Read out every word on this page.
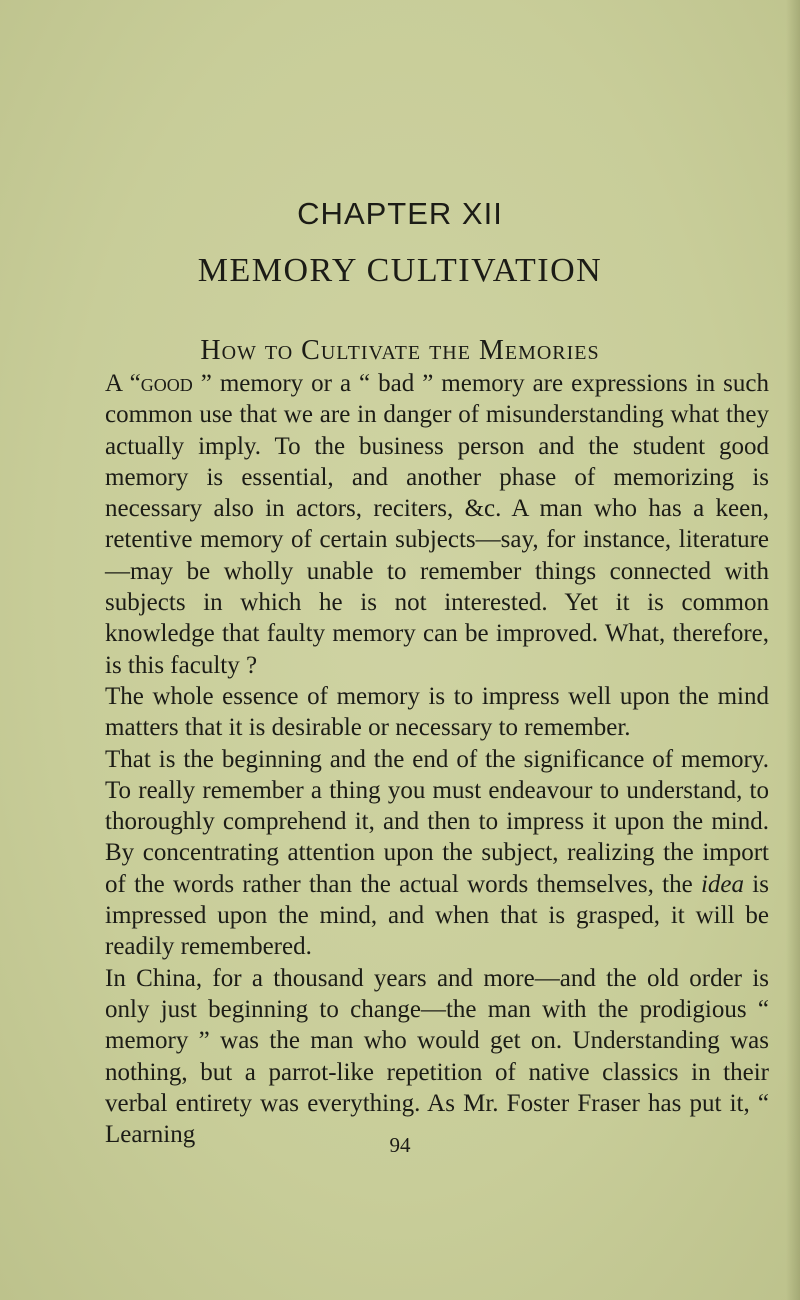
CHAPTER XII
MEMORY CULTIVATION
How to Cultivate the Memories

A “good ” memory or a “ bad ” memory are expressions in such common use that we are in danger of misunderstanding what they actually imply. To the business person and the student good memory is essential, and another phase of memorizing is necessary also in actors, reciters, &c. A man who has a keen, retentive memory of certain subjects—say, for instance, literature—may be wholly unable to remember things connected with subjects in which he is not interested. Yet it is common knowledge that faulty memory can be improved. What, therefore, is this faculty ?

The whole essence of memory is to impress well upon the mind matters that it is desirable or necessary to remember.

That is the beginning and the end of the significance of memory. To really remember a thing you must endeavour to understand, to thoroughly comprehend it, and then to impress it upon the mind. By concentrating attention upon the subject, realizing the import of the words rather than the actual words themselves, the idea is impressed upon the mind, and when that is grasped, it will be readily remembered.

In China, for a thousand years and more—and the old order is only just beginning to change—the man with the prodigious “ memory ” was the man who would get on. Understanding was nothing, but a parrot-like repetition of native classics in their verbal entirety was everything. As Mr. Foster Fraser has put it, “ Learning	94
